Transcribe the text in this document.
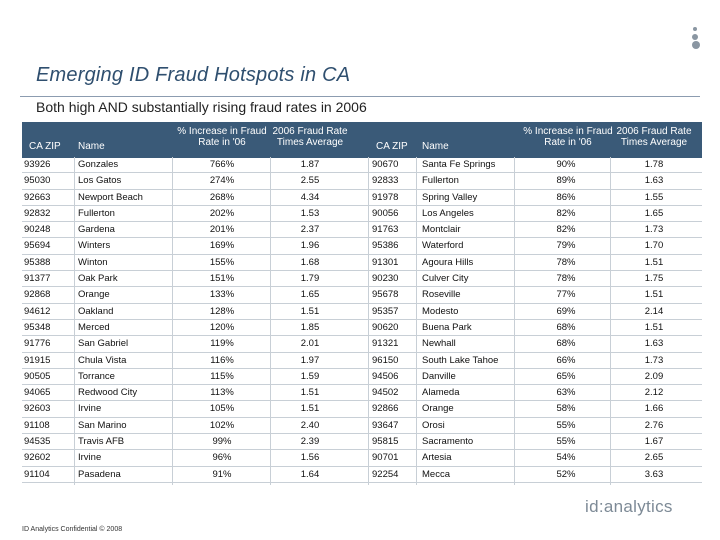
Emerging ID Fraud Hotspots in CA
Both high AND substantially rising fraud rates in 2006
CA ZIP Name
% Increase in Fraud Rate in '06
2006 Fraud Rate Times Average	CA ZIP Name
% Increase in Fraud Rate in '06
2006 Fraud Rate Times Average
93926	Gonzales	766%	1.87	90670 Santa Fe Springs	90%	1.78
95030	Los Gatos	274%	2.55	92833 Fullerton	89%	1.63
92663	Newport Beach	268%	4.34	91978 Spring Valley	86%	1.55
92832	Fullerton	202%	1.53	90056 Los Angeles	82%	1.65
90248	Gardena	201%	2.37	91763 Montclair	82%	1.73
95694	Winters	169%	1.96	95386 Waterford	79%	1.70
95388	Winton	155%	1.68	91301 Agoura Hills	78%	1.51
91377	Oak Park	151%	1.79	90230 Culver City	78%	1.75
92868	Orange	133%	1.65	95678 Roseville	77%	1.51
94612	Oakland	128%	1.51	95357 Modesto	69%	2.14
95348	Merced	120%	1.85	90620 Buena Park	68%	1.51
91776	San Gabriel	119%	2.01	91321 Newhall	68%	1.63
91915	Chula Vista	116%	1.97	96150 South Lake Tahoe	66%	1.73
90505	Torrance	115%	1.59	94506 Danville	65%	2.09
94065	Redwood City	113%	1.51	94502 Alameda	63%	2.12
92603	Irvine	105%	1.51	92866 Orange	58%	1.66
91108	San Marino	102%	2.40	93647 Orosi	55%	2.76
94535	Travis AFB	99%	2.39	95815 Sacramento	55%	1.67
92602	Irvine	96%	1.56	90701 Artesia	54%	2.65
91104	Pasadena	91%	1.64	92254 Mecca	52%	3.63
ID Analytics Confidential © 2008
id:analytics
